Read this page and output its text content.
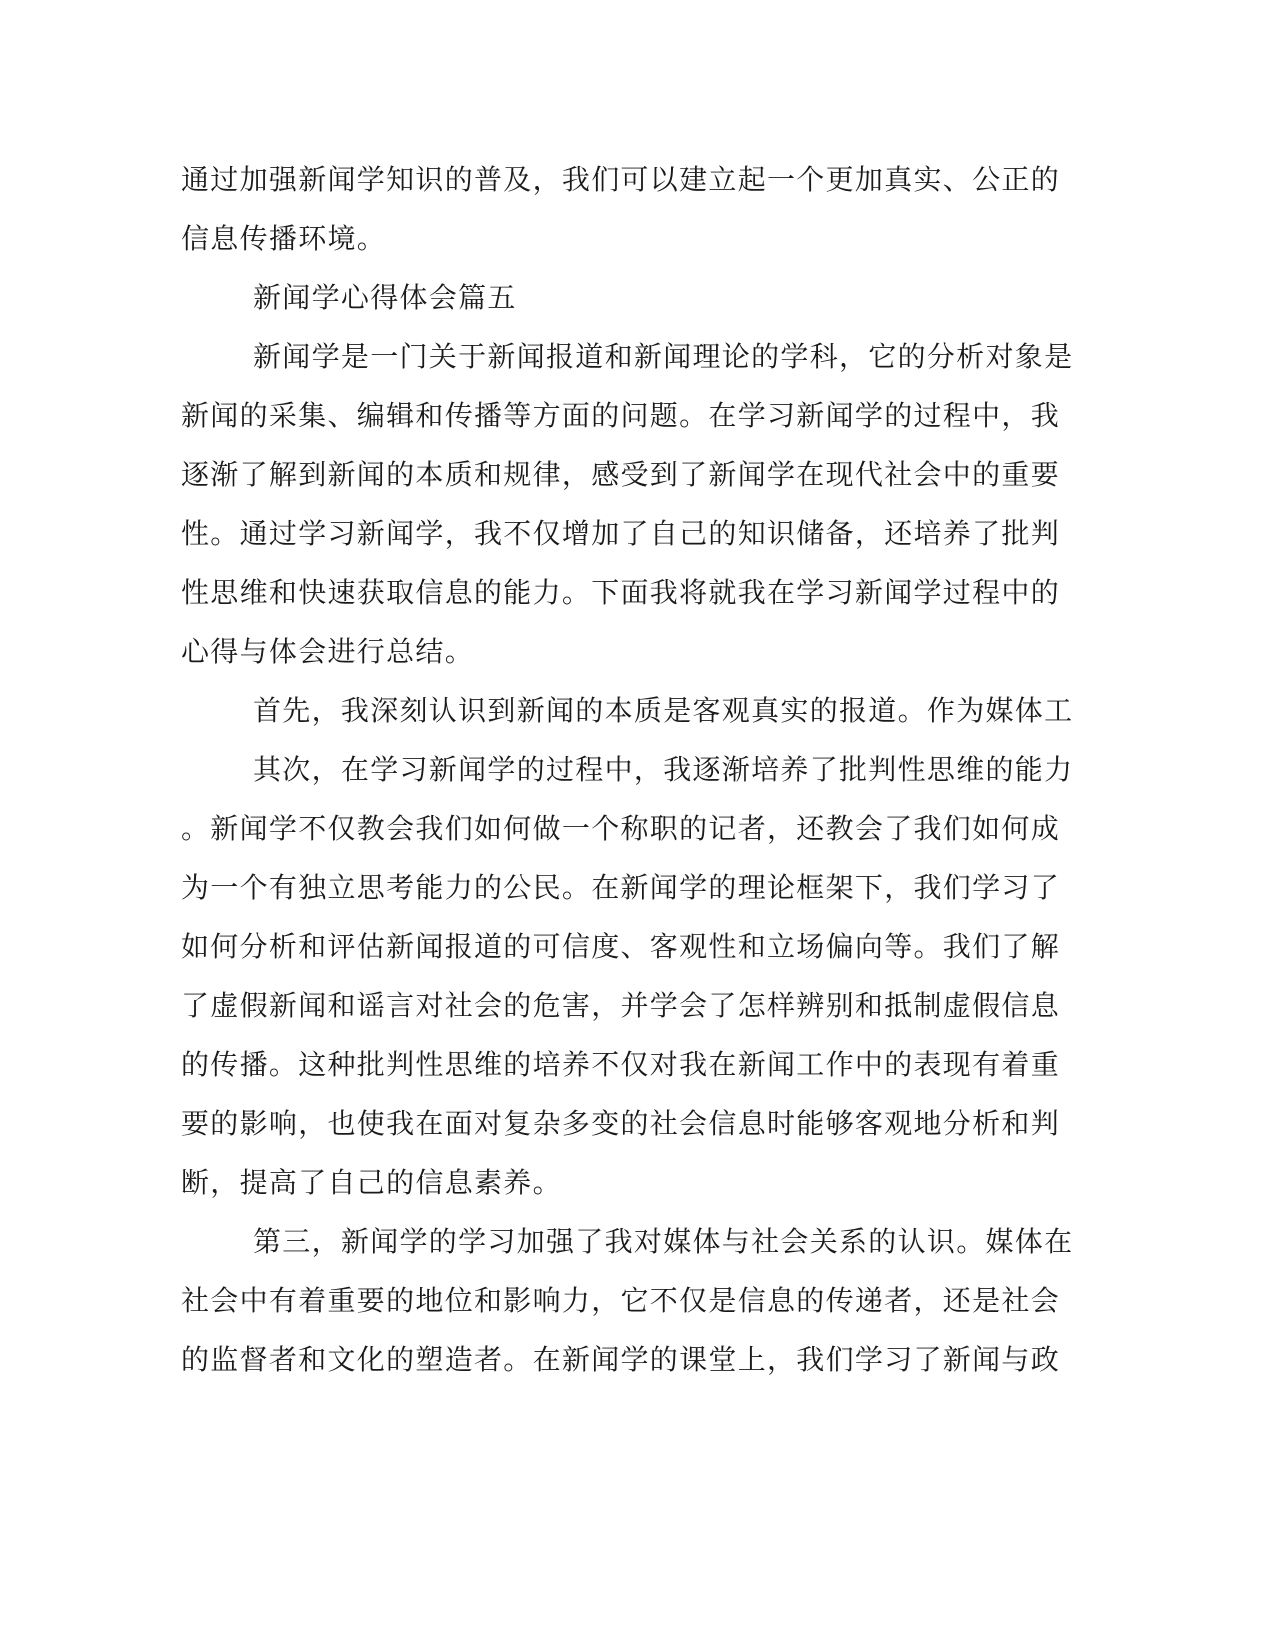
通过加强新闻学知识的普及，我们可以建立起一个更加真实、公正的

信息传播环境。

新闻学心得体会篇五

新闻学是一门关于新闻报道和新闻理论的学科，它的分析对象是

新闻的采集、编辑和传播等方面的问题。在学习新闻学的过程中，我

逐渐了解到新闻的本质和规律，感受到了新闻学在现代社会中的重要

性。通过学习新闻学，我不仅增加了自己的知识储备，还培养了批判

性思维和快速获取信息的能力。下面我将就我在学习新闻学过程中的

心得与体会进行总结。

首先，我深刻认识到新闻的本质是客观真实的报道。作为媒体工

其次，在学习新闻学的过程中，我逐渐培养了批判性思维的能力

。新闻学不仅教会我们如何做一个称职的记者，还教会了我们如何成

为一个有独立思考能力的公民。在新闻学的理论框架下，我们学习了

如何分析和评估新闻报道的可信度、客观性和立场偏向等。我们了解

了虚假新闻和谣言对社会的危害，并学会了怎样辨别和抵制虚假信息

的传播。这种批判性思维的培养不仅对我在新闻工作中的表现有着重

要的影响，也使我在面对复杂多变的社会信息时能够客观地分析和判

断，提高了自己的信息素养。

第三，新闻学的学习加强了我对媒体与社会关系的认识。媒体在

社会中有着重要的地位和影响力，它不仅是信息的传递者，还是社会

的监督者和文化的塑造者。在新闻学的课堂上，我们学习了新闻与政
